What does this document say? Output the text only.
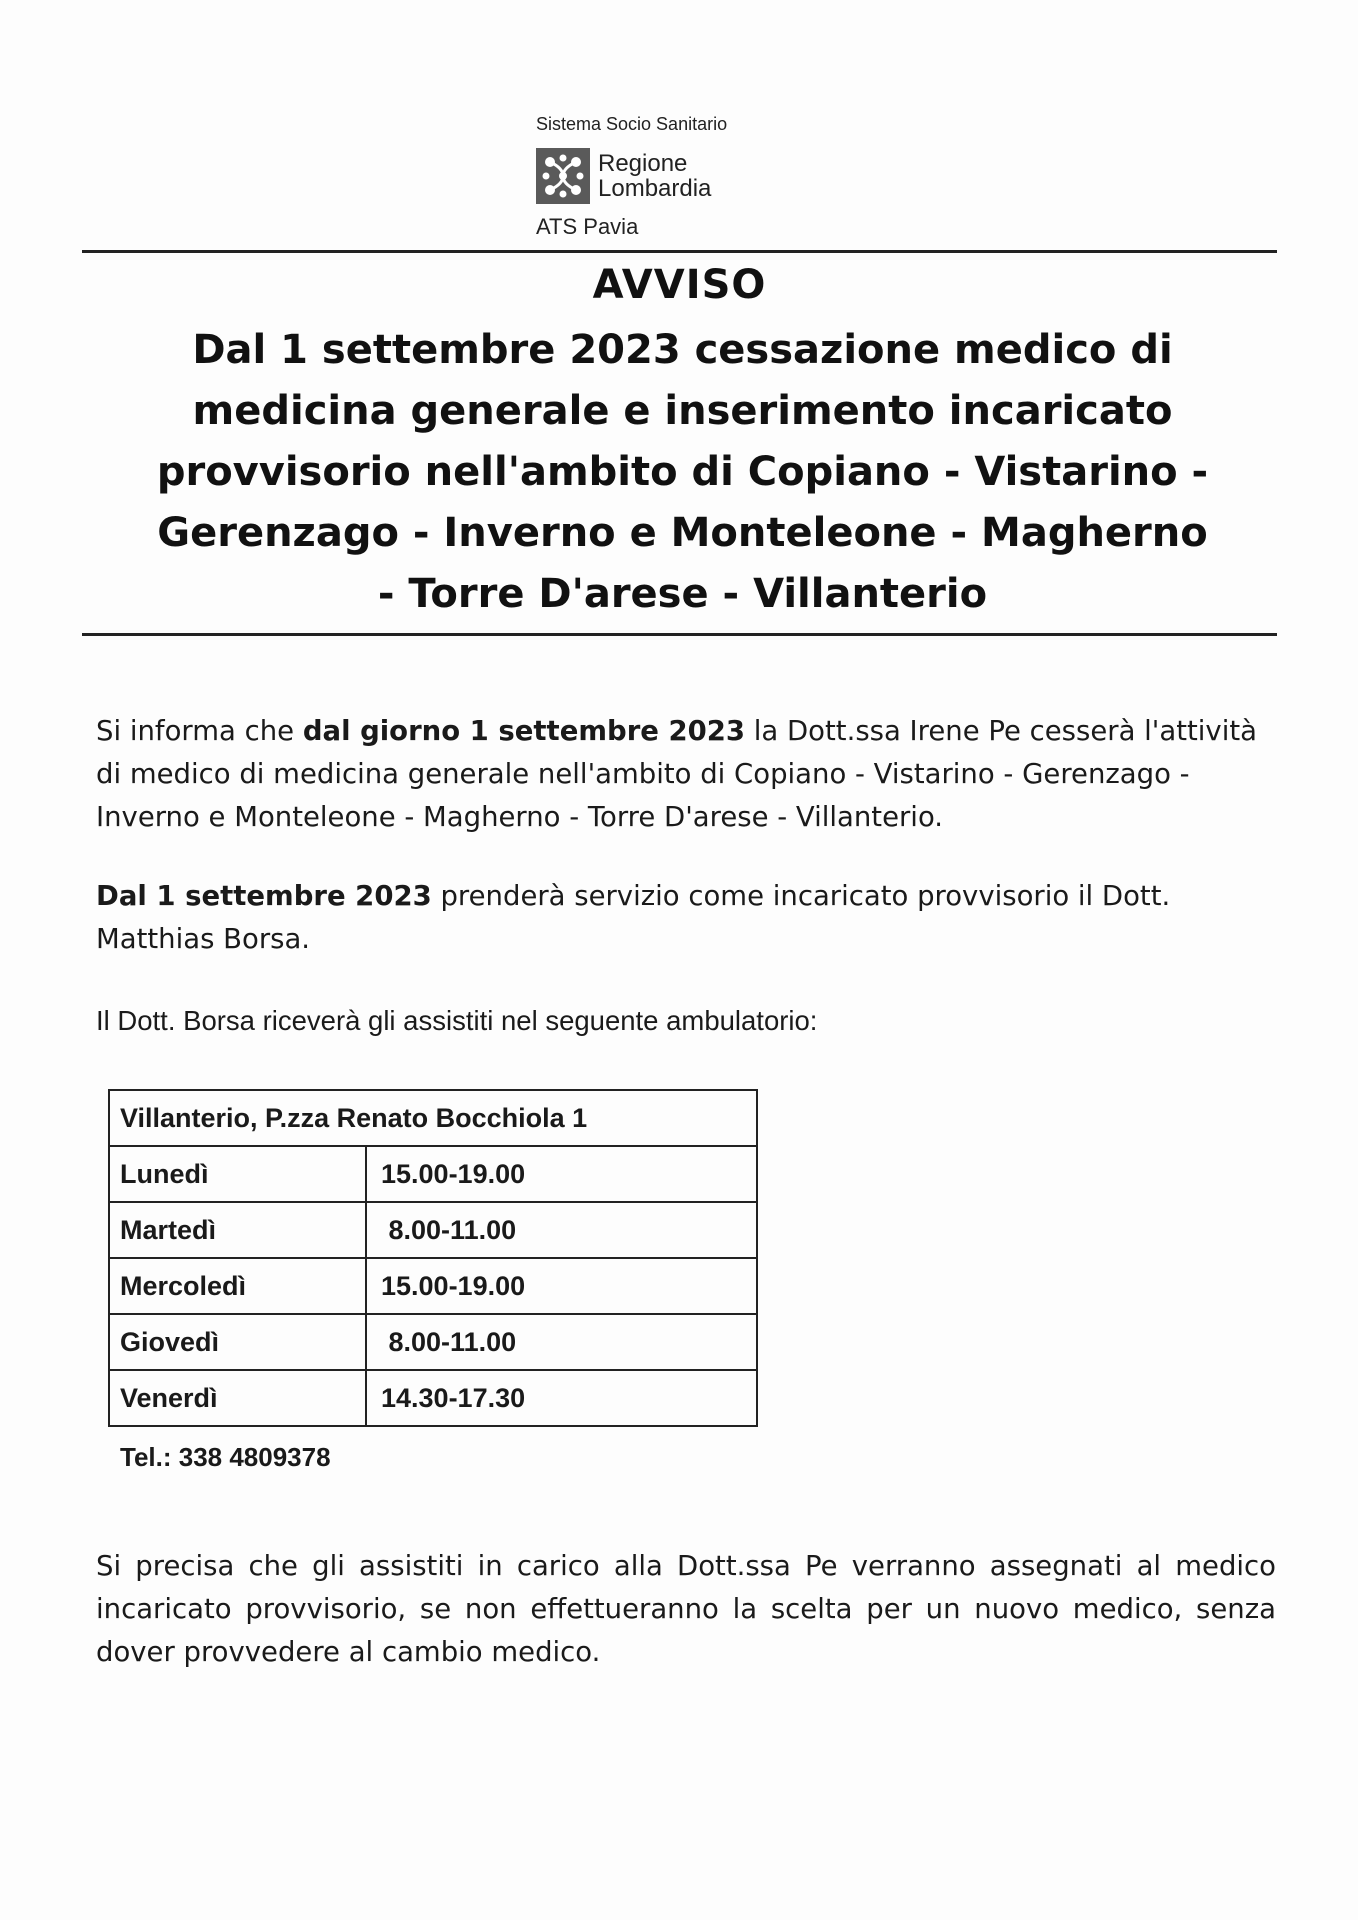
Sistema Socio Sanitario
Regione
Lombardia
ATS Pavia
AVVISO
Dal 1 settembre 2023 cessazione medico di
medicina generale e inserimento incaricato
provvisorio nell'ambito di Copiano - Vistarino -
Gerenzago - Inverno e Monteleone - Magherno
- Torre D'arese - Villanterio
Si informa che dal giorno 1 settembre 2023 la Dott.ssa Irene Pe cesserà l'attività di medico di medicina generale nell'ambito di Copiano - Vistarino - Gerenzago - Inverno e Monteleone - Magherno - Torre D'arese - Villanterio.
Dal 1 settembre 2023 prenderà servizio come incaricato provvisorio il Dott. Matthias Borsa.
Il Dott. Borsa riceverà gli assistiti nel seguente ambulatorio:
Villanterio, P.zza Renato Bocchiola 1	
Lunedì	15.00-19.00
Martedì	8.00-11.00
Mercoledì	15.00-19.00
Giovedì	8.00-11.00
Venerdì	14.30-17.30
Tel.: 338 4809378
Si precisa che gli assistiti in carico alla Dott.ssa Pe verranno assegnati al medico incaricato provvisorio, se non effettueranno la scelta per un nuovo medico, senza dover provvedere al cambio medico.
